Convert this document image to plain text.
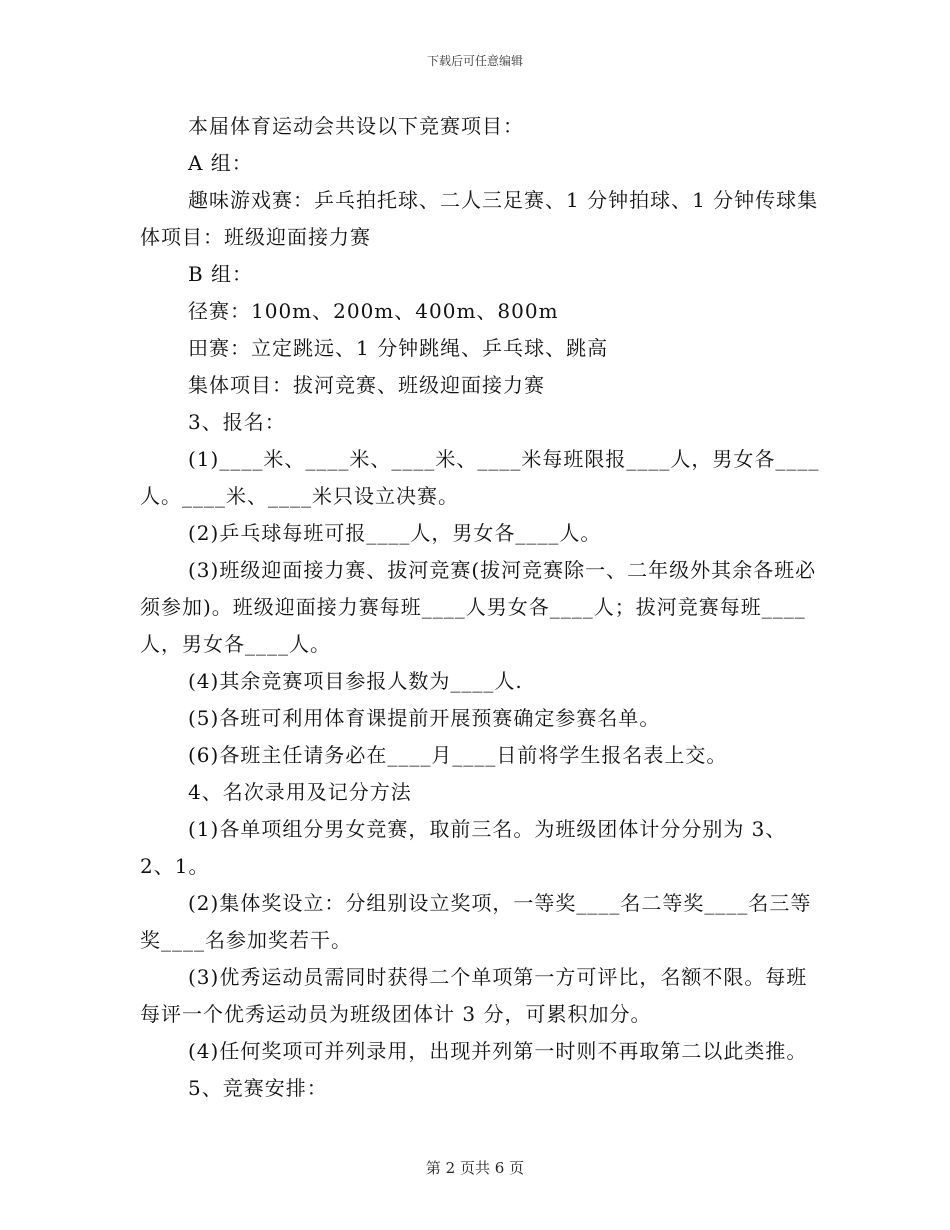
下载后可任意编辑

本届体育运动会共设以下竞赛项目：

A 组：

趣味游戏赛：乒乓拍托球、二人三足赛、1 分钟拍球、1 分钟传球集体项目：班级迎面接力赛

B 组：

径赛：100m、200m、400m、800m

田赛：立定跳远、1 分钟跳绳、乒乓球、跳高

集体项目：拔河竞赛、班级迎面接力赛

3、报名：

(1)____米、____米、____米、____米每班限报____人，男女各____人。____米、____米只设立决赛。

(2)乒乓球每班可报____人，男女各____人。

(3)班级迎面接力赛、拔河竞赛(拔河竞赛除一、二年级外其余各班必须参加)。班级迎面接力赛每班____人男女各____人；拔河竞赛每班____人，男女各____人。

(4)其余竞赛项目参报人数为____人.

(5)各班可利用体育课提前开展预赛确定参赛名单。

(6)各班主任请务必在____月____日前将学生报名表上交。

4、名次录用及记分方法

(1)各单项组分男女竞赛，取前三名。为班级团体计分分别为 3、2、1。

(2)集体奖设立：分组别设立奖项，一等奖____名二等奖____名三等奖____名参加奖若干。

(3)优秀运动员需同时获得二个单项第一方可评比，名额不限。每班每评一个优秀运动员为班级团体计 3 分，可累积加分。

(4)任何奖项可并列录用，出现并列第一时则不再取第二以此类推。

5、竞赛安排：

第 2 页共 6 页
